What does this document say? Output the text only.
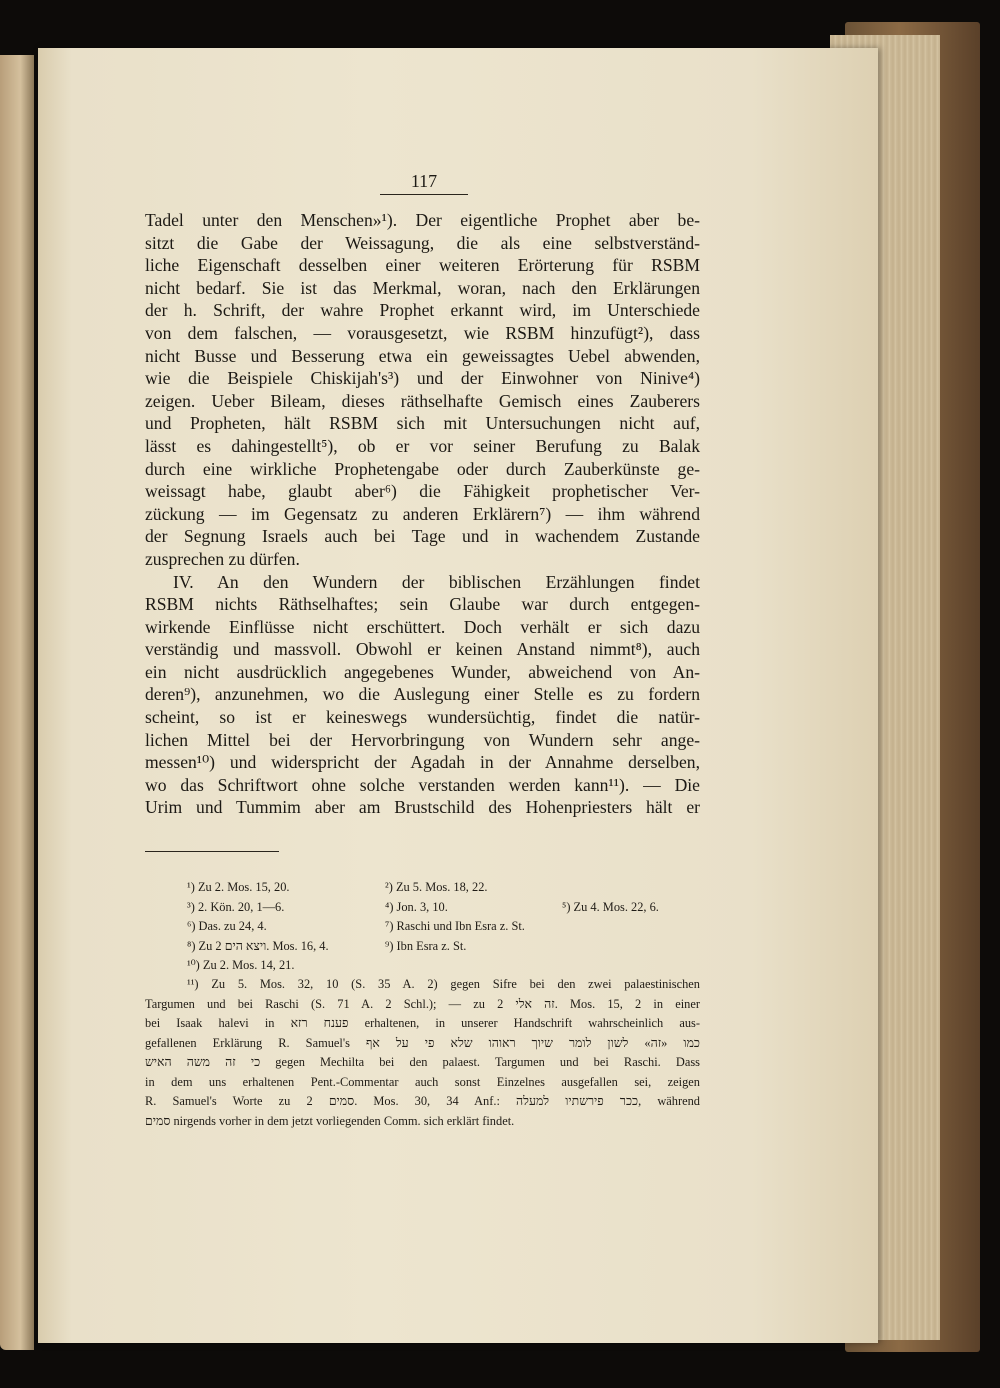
117
Tadel unter den Menschen»¹). Der eigentliche Prophet aber be-
sitzt die Gabe der Weissagung, die als eine selbstverständ-
liche Eigenschaft desselben einer weiteren Erörterung für RSBM
nicht bedarf. Sie ist das Merkmal, woran, nach den Erklärungen
der h. Schrift, der wahre Prophet erkannt wird, im Unterschiede
von dem falschen, — vorausgesetzt, wie RSBM hinzufügt²), dass
nicht Busse und Besserung etwa ein geweissagtes Uebel abwenden,
wie die Beispiele Chiskijah's³) und der Einwohner von Ninive⁴)
zeigen. Ueber Bileam, dieses räthselhafte Gemisch eines Zauberers
und Propheten, hält RSBM sich mit Untersuchungen nicht auf,
lässt es dahingestellt⁵), ob er vor seiner Berufung zu Balak
durch eine wirkliche Prophetengabe oder durch Zauberkünste ge-
weissagt habe, glaubt aber⁶) die Fähigkeit prophetischer Ver-
zückung — im Gegensatz zu anderen Erklärern⁷) — ihm während
der Segnung Israels auch bei Tage und in wachendem Zustande
zusprechen zu dürfen.
IV. An den Wundern der biblischen Erzählungen findet
RSBM nichts Räthselhaftes; sein Glaube war durch entgegen-
wirkende Einflüsse nicht erschüttert. Doch verhält er sich dazu
verständig und massvoll. Obwohl er keinen Anstand nimmt⁸), auch
ein nicht ausdrücklich angegebenes Wunder, abweichend von An-
deren⁹), anzunehmen, wo die Auslegung einer Stelle es zu fordern
scheint, so ist er keineswegs wundersüchtig, findet die natür-
lichen Mittel bei der Hervorbringung von Wundern sehr ange-
messen¹⁰) und widerspricht der Agadah in der Annahme derselben,
wo das Schriftwort ohne solche verstanden werden kann¹¹). — Die
Urim und Tummim aber am Brustschild des Hohenpriesters hält er
¹) Zu 2. Mos. 15, 20.	²) Zu 5. Mos. 18, 22.
³) 2. Kön. 20, 1—6.	⁴) Jon. 3, 10.	⁵) Zu 4. Mos. 22, 6.
⁶) Das. zu 24, 4.	⁷) Raschi und Ibn Esra z. St.
⁸) Zu ויצא הים 2. Mos. 16, 4.	⁹) Ibn Esra z. St.
¹⁰) Zu 2. Mos. 14, 21.
¹¹) Zu 5. Mos. 32, 10 (S. 35 A. 2) gegen Sifre bei den zwei palaestinischen
Targumen und bei Raschi (S. 71 A. 2 Schl.); — zu זה אלי 2. Mos. 15, 2 in einer
bei Isaak halevi in פענח רזא erhaltenen, in unserer Handschrift wahrscheinlich aus-
gefallenen Erklärung R. Samuel's כמו «זה» לשון לומר שיוך ראוהו שלא פי על אף
כי זה משה האיש gegen Mechilta bei den palaest. Targumen und bei Raschi. Dass
in dem uns erhaltenen Pent.-Commentar auch sonst Einzelnes ausgefallen sei, zeigen
R. Samuel's Worte zu סמים 2. Mos. 30, 34 Anf.: ככר פירשתיו למעלה, während
סמים nirgends vorher in dem jetzt vorliegenden Comm. sich erklärt findet.
